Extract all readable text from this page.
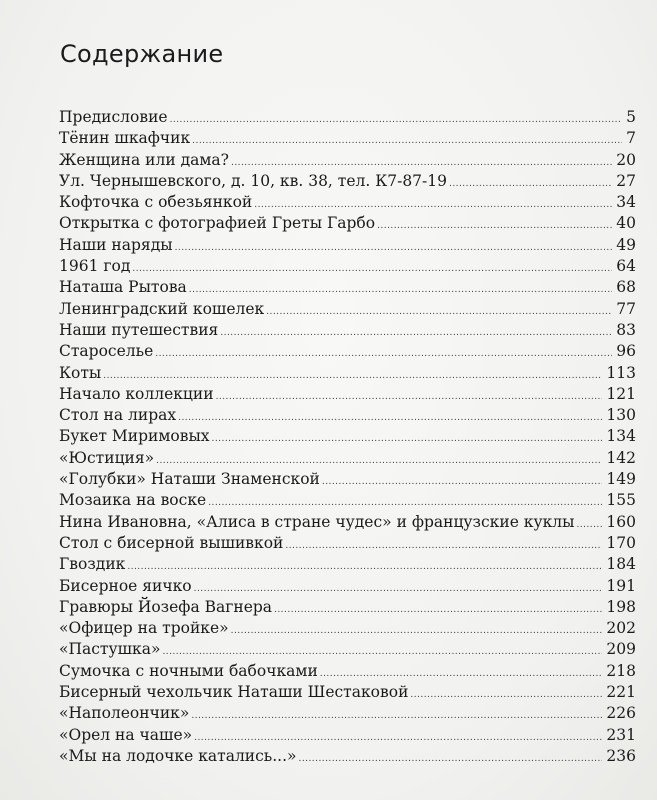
Содержание
Предисловие . . .	5
Тёнин шкафчик . . .	7
Женщина или дама? . . .	20
Ул. Чернышевского, д. 10, кв. 38, тел. К7-87-19 . . .	27
Кофточка с обезьянкой . . .	34
Открытка с фотографией Греты Гарбо . . .	40
Наши наряды . . .	49
1961 год . . .	64
Наташа Рытова . . .	68
Ленинградский кошелек . . .	77
Наши путешествия . . .	83
Староселье . . .	96
Коты . . .	113
Начало коллекции . . .	121
Стол на лирах . . .	130
Букет Миримовых . . .	134
«Юстиция» . . .	142
«Голубки» Наташи Знаменской . . .	149
Мозаика на воске . . .	155
Нина Ивановна, «Алиса в стране чудес» и французские куклы . . . 160
Стол с бисерной вышивкой . . .	170
Гвоздик . . .	184
Бисерное яичко . . .	191
Гравюры Йозефа Вагнера . . .	198
«Офицер на тройке» . . .	202
«Пастушка» . . .	209
Сумочка с ночными бабочками . . .	218
Бисерный чехольчик Наташи Шестаковой . . .	221
«Наполеончик» . . .	226
«Орел на чаше» . . .	231
«Мы на лодочке катались...» . . .	236
